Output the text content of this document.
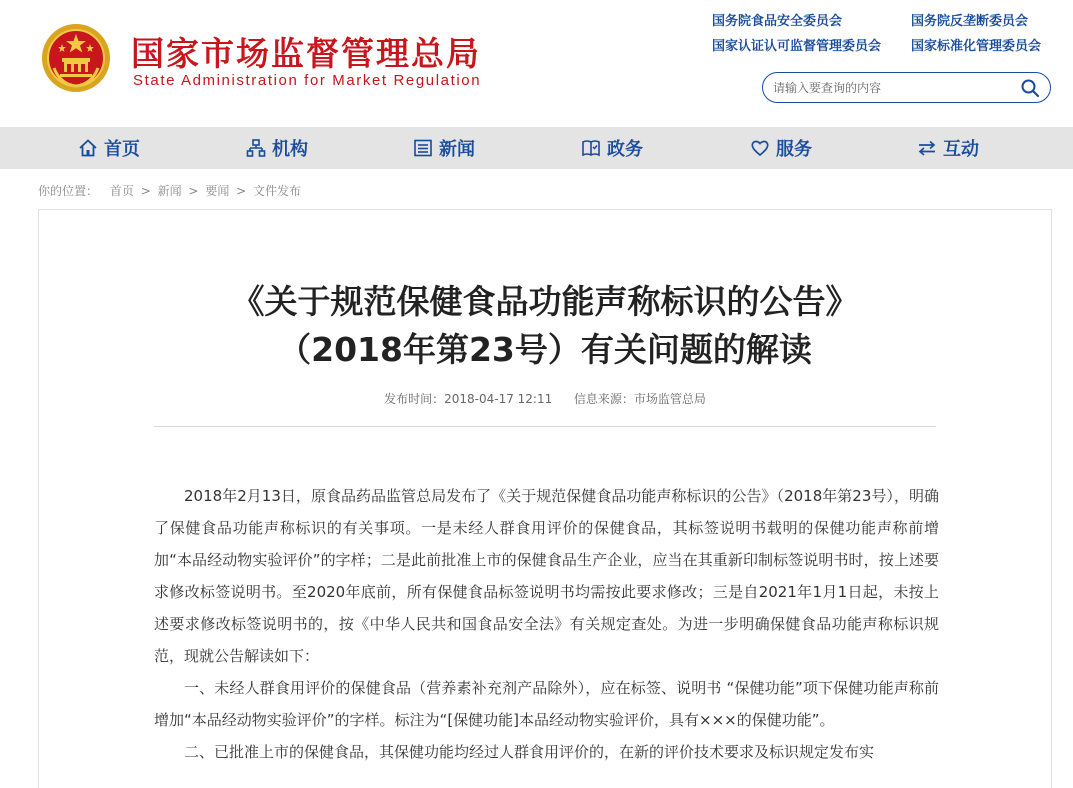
国家市场监督管理总局
State Administration for Market Regulation
国务院食品安全委员会	国务院反垄断委员会
国家认证认可监督管理委员会	国家标准化管理委员会
请输入要查询的内容
首页	机构	新闻	政务	服务	互动
你的位置： 首页 > 新闻 > 要闻 > 文件发布
《关于规范保健食品功能声称标识的公告》
（2018年第23号）有关问题的解读
发布时间：2018-04-17 12:11 信息来源：市场监管总局

2018年2月13日，原食品药品监管总局发布了《关于规范保健食品功能声称标识的公告》（2018年第23号），明确了保健食品功能声称标识的有关事项。一是未经人群食用评价的保健食品，其标签说明书载明的保健功能声称前增加“本品经动物实验评价”的字样；二是此前批准上市的保健食品生产企业，应当在其重新印制标签说明书时，按上述要求修改标签说明书。至2020年底前，所有保健食品标签说明书均需按此要求修改；三是自2021年1月1日起，未按上述要求修改标签说明书的，按《中华人民共和国食品安全法》有关规定查处。为进一步明确保健食品功能声称标识规范，现就公告解读如下：

一、未经人群食用评价的保健食品（营养素补充剂产品除外），应在标签、说明书 “保健功能”项下保健功能声称前增加“本品经动物实验评价”的字样。标注为“[保健功能]本品经动物实验评价，具有×××的保健功能”。

二、已批准上市的保健食品，其保健功能均经过人群食用评价的，在新的评价技术要求及标识规定发布实
